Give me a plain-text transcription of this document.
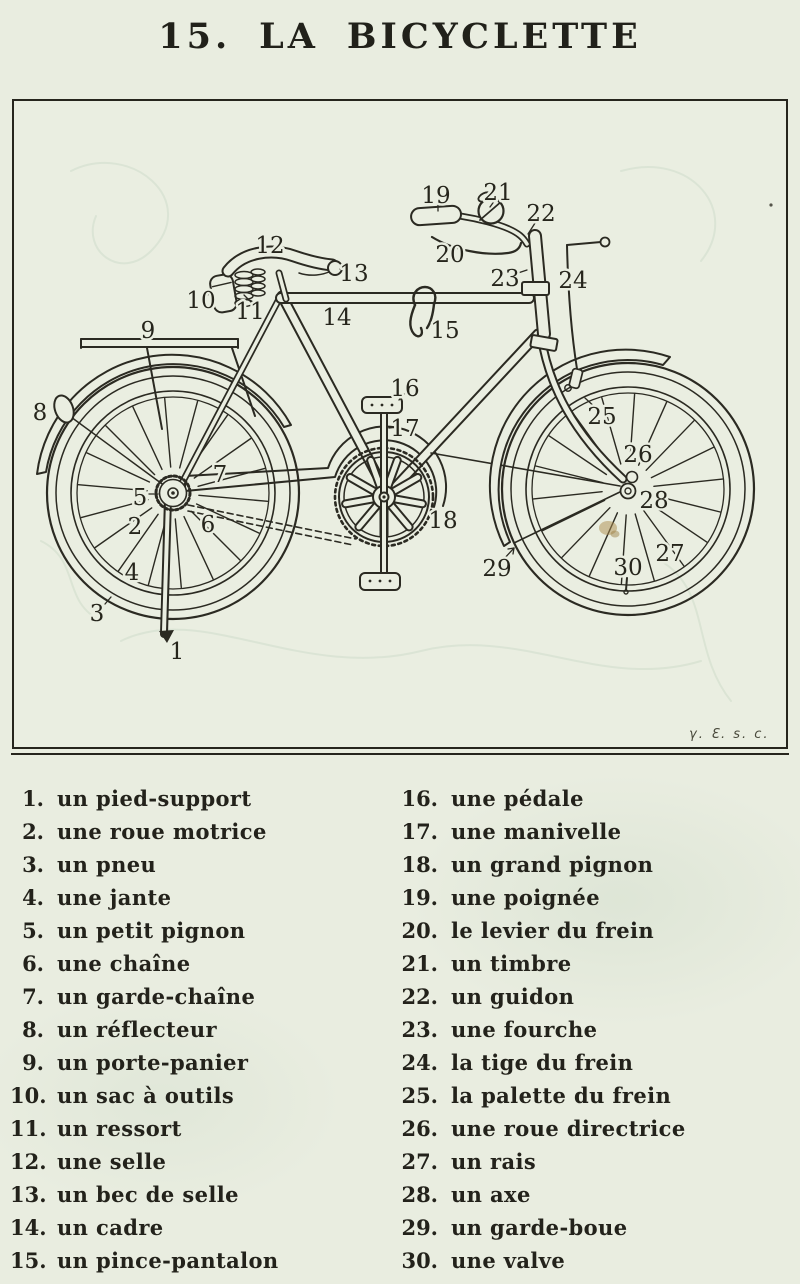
15. LA BICYCLETTE
1
2
3
4
5
6
7
8
9
10 11
12
13
14	15
16
17
18
19
20
21
22
23 24
25
26
27
28
29	30
γ. Ɛ. s. c.
1. un pied-support
2. une roue motrice
3. un pneu
4. une jante
5. un petit pignon
6. une chaîne
7. un garde-chaîne
8. un réflecteur
9. un porte-panier
10. un sac à outils
11. un ressort
12. une selle
13. un bec de selle
14. un cadre
15. un pince-pantalon
16. une pédale
17. une manivelle
18. un grand pignon
19. une poignée
20. le levier du frein
21. un timbre
22. un guidon
23. une fourche
24. la tige du frein
25. la palette du frein
26. une roue directrice
27. un rais
28. un axe
29. un garde-boue
30. une valve
